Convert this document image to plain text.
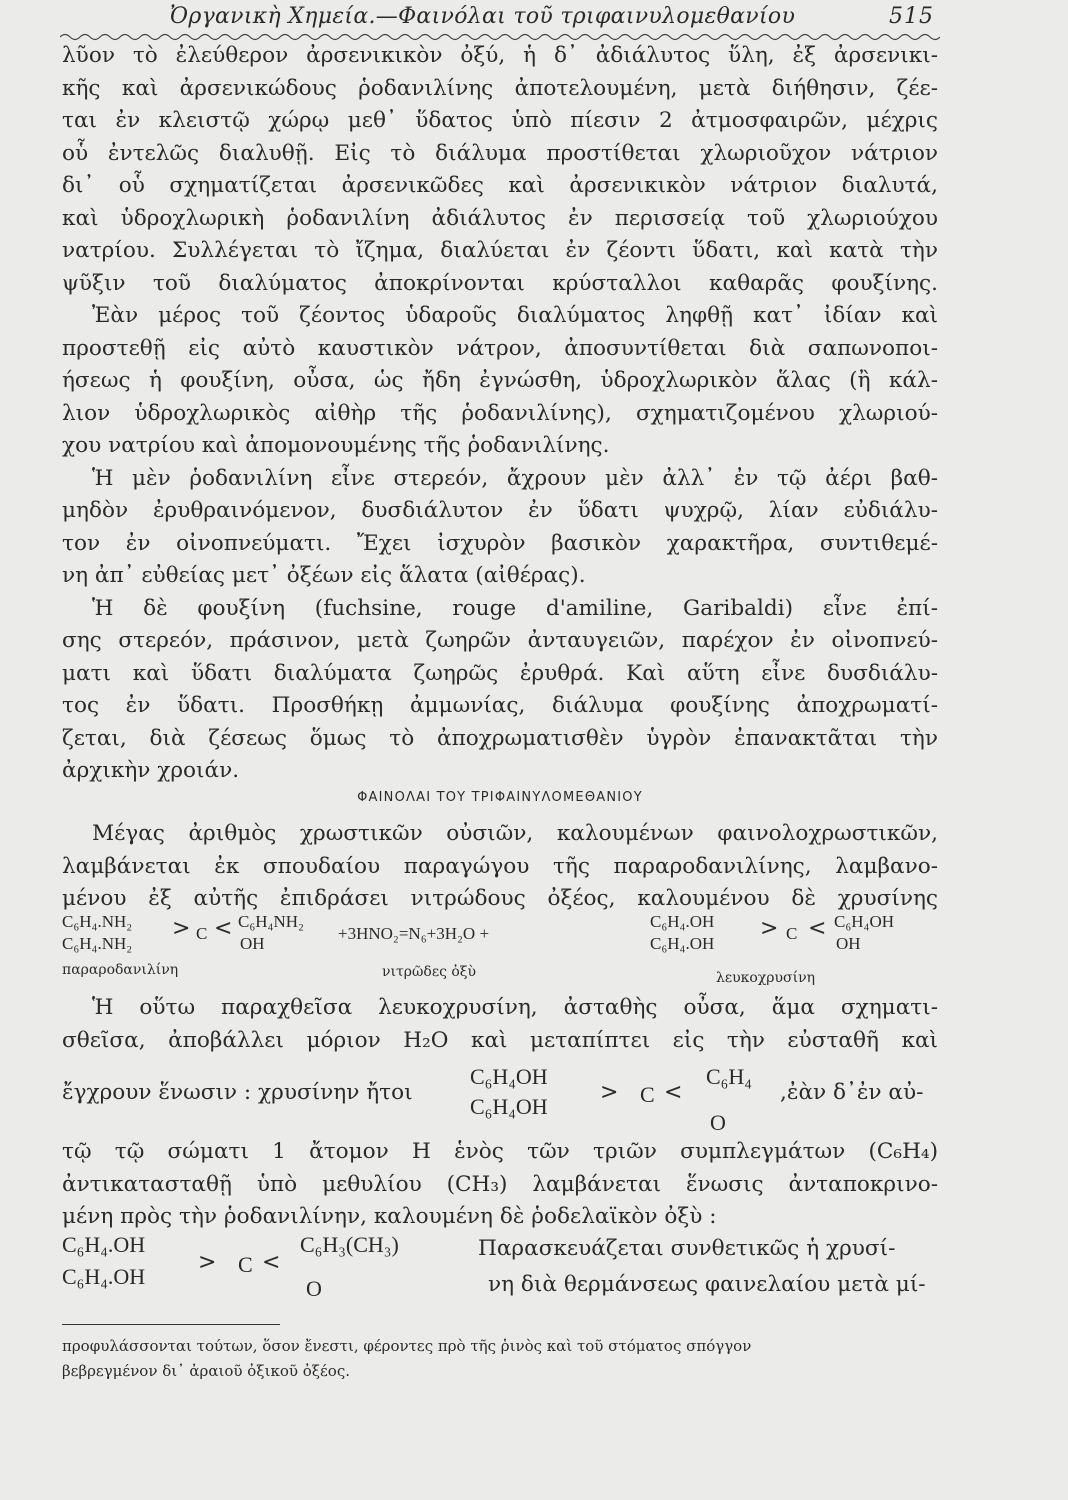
Ὀργανικὴ Χημεία.—Φαινόλαι τοῦ τριφαινυλομεθανίου	515
λῦον τὸ ἐλεύθερον ἀρσενικικὸν ὀξύ, ἡ δ᾽ ἀδιάλυτος ὕλη, ἐξ ἀρσενικι-
κῆς καὶ ἀρσενικώδους ῥοδανιλίνης ἀποτελουμένη, μετὰ διήθησιν, ζέε-
ται ἐν κλειστῷ χώρῳ μεθ᾽ ὕδατος ὑπὸ πίεσιν 2 ἀτμοσφαιρῶν, μέχρις
οὗ ἐντελῶς διαλυθῇ. Εἰς τὸ διάλυμα προστίθεται χλωριοῦχον νάτριον
δι᾽ οὗ σχηματίζεται ἀρσενικῶδες καὶ ἀρσενικικὸν νάτριον διαλυτά,
καὶ ὑδροχλωρικὴ ῥοδανιλίνη ἀδιάλυτος ἐν περισσείᾳ τοῦ χλωριούχου
νατρίου. Συλλέγεται τὸ ἴζημα, διαλύεται ἐν ζέοντι ὕδατι, καὶ κατὰ τὴν
ψῦξιν τοῦ διαλύματος ἀποκρίνονται κρύσταλλοι καθαρᾶς φουξίνης.
Ἐὰν μέρος τοῦ ζέοντος ὑδαροῦς διαλύματος ληφθῇ κατ᾽ ἰδίαν καὶ
προστεθῇ εἰς αὐτὸ καυστικὸν νάτρον, ἀποσυντίθεται διὰ σαπωνοποι-
ήσεως ἡ φουξίνη, οὖσα, ὡς ἤδη ἐγνώσθη, ὑδροχλωρικὸν ἅλας (ἢ κάλ-
λιον ὑδροχλωρικὸς αἰθὴρ τῆς ῥοδανιλίνης), σχηματιζομένου χλωριού-
χου νατρίου καὶ ἀπομονουμένης τῆς ῥοδανιλίνης.
Ἡ μὲν ῥοδανιλίνη εἶνε στερεόν, ἄχρουν μὲν ἀλλ᾽ ἐν τῷ ἀέρι βαθ-
μηδὸν ἐρυθραινόμενον, δυσδιάλυτον ἐν ὕδατι ψυχρῷ, λίαν εὐδιάλυ-
τον ἐν οἰνοπνεύματι. Ἔχει ἰσχυρὸν βασικὸν χαρακτῆρα, συντιθεμέ-
νη ἀπ᾽ εὐθείας μετ᾽ ὀξέων εἰς ἅλατα (αἰθέρας).
Ἡ δὲ φουξίνη (fuchsine, rouge d'amiline, Garibaldi) εἶνε ἐπί-
σης στερεόν, πράσινον, μετὰ ζωηρῶν ἀνταυγειῶν, παρέχον ἐν οἰνοπνεύ-
ματι καὶ ὕδατι διαλύματα ζωηρῶς ἐρυθρά. Καὶ αὕτη εἶνε δυσδιάλυ-
τος ἐν ὕδατι. Προσθήκῃ ἀμμωνίας, διάλυμα φουξίνης ἀποχρωματί-
ζεται, διὰ ζέσεως ὅμως τὸ ἀποχρωματισθὲν ὑγρὸν ἐπανακτᾶται τὴν
ἀρχικὴν χροιάν.
ΦΑΙΝΟΛΑΙ ΤΟΥ ΤΡΙΦΑΙΝΥΛΟΜΕΘΑΝΙΟΥ
Μέγας ἀριθμὸς χρωστικῶν οὐσιῶν, καλουμένων φαινολοχρωστικῶν,
λαμβάνεται ἐκ σπουδαίου παραγώγου τῆς παραροδανιλίνης, λαμβανο-
μένου ἐξ αὐτῆς ἐπιδράσει νιτρώδους ὀξέος, καλουμένου δὲ χρυσίνης
C₆H₄.NH₂
C₆H₄.NH₂
> C < C₆H₄NH₂
OH
+3HNO₂=N₆+3H₂O +
C₆H₄.OH
C₆H₄.OH
> C < C₆H₄OH
OH
παραροδανιλίνη	νιτρῶδες ὀξὺ	λευκοχρυσίνη
Ἡ οὕτω παραχθεῖσα λευκοχρυσίνη, ἀσταθὴς οὖσα, ἅμα σχηματι-
σθεῖσα, ἀποβάλλει μόριον H₂O καὶ μεταπίπτει εἰς τὴν εὐσταθῆ καὶ
ἔγχρουν ἕνωσιν : χρυσίνην ἤτοι
C₆H₄OH
C₆H₄OH
> C <
C₆H₄
O
,ἐὰν δ᾽ἐν αὐ-
τῷ τῷ σώματι 1 ἄτομον H ἑνὸς τῶν τριῶν συμπλεγμάτων (C₆H₄)
ἀντικατασταθῇ ὑπὸ μεθυλίου (CH₃) λαμβάνεται ἕνωσις ἀνταποκρινο-
μένη πρὸς τὴν ῥοδανιλίνην, καλουμένη δὲ ῥοδελαϊκὸν ὀξὺ :
C₆H₄.OH
C₆H₄.OH
> C <
C₆H₃(CH₃)
O
Παρασκευάζεται συνθετικῶς ἡ χρυσί-
νη διὰ θερμάνσεως φαινελαίου μετὰ μί-
προφυλάσσονται τούτων, ὅσον ἔνεστι, φέροντες πρὸ τῆς ῥινὸς καὶ τοῦ στόματος σπόγγον
βεβρεγμένον δι᾽ ἀραιοῦ ὀξικοῦ ὀξέος.
